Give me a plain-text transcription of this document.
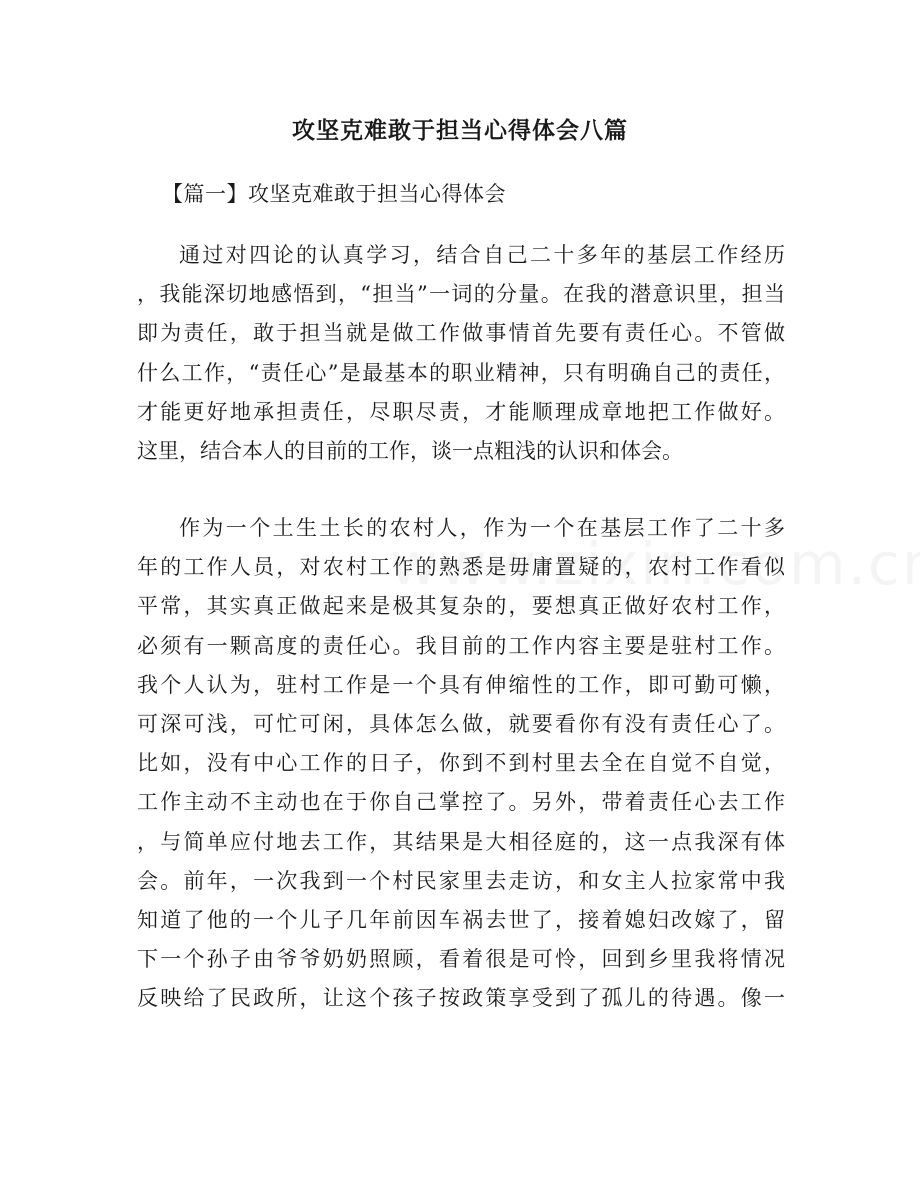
攻坚克难敢于担当心得体会八篇
【篇一】攻坚克难敢于担当心得体会
通过对四论的认真学习，结合自己二十多年的基层工作经历
，我能深切地感悟到，“担当”一词的分量。在我的潜意识里，担当
即为责任，敢于担当就是做工作做事情首先要有责任心。不管做
什么工作，“责任心”是最基本的职业精神，只有明确自己的责任，
才能更好地承担责任，尽职尽责，才能顺理成章地把工作做好。
这里，结合本人的目前的工作，谈一点粗浅的认识和体会。
作为一个土生土长的农村人，作为一个在基层工作了二十多
年的工作人员，对农村工作的熟悉是毋庸置疑的，农村工作看似
平常，其实真正做起来是极其复杂的，要想真正做好农村工作，
必须有一颗高度的责任心。我目前的工作内容主要是驻村工作。
我个人认为，驻村工作是一个具有伸缩性的工作，即可勤可懒，
可深可浅，可忙可闲，具体怎么做，就要看你有没有责任心了。
比如，没有中心工作的日子，你到不到村里去全在自觉不自觉，
工作主动不主动也在于你自己掌控了。另外，带着责任心去工作
，与简单应付地去工作，其结果是大相径庭的，这一点我深有体
会。前年，一次我到一个村民家里去走访，和女主人拉家常中我
知道了他的一个儿子几年前因车祸去世了，接着媳妇改嫁了，留
下一个孙子由爷爷奶奶照顾，看着很是可怜，回到乡里我将情况
反映给了民政所，让这个孩子按政策享受到了孤儿的待遇。像一
